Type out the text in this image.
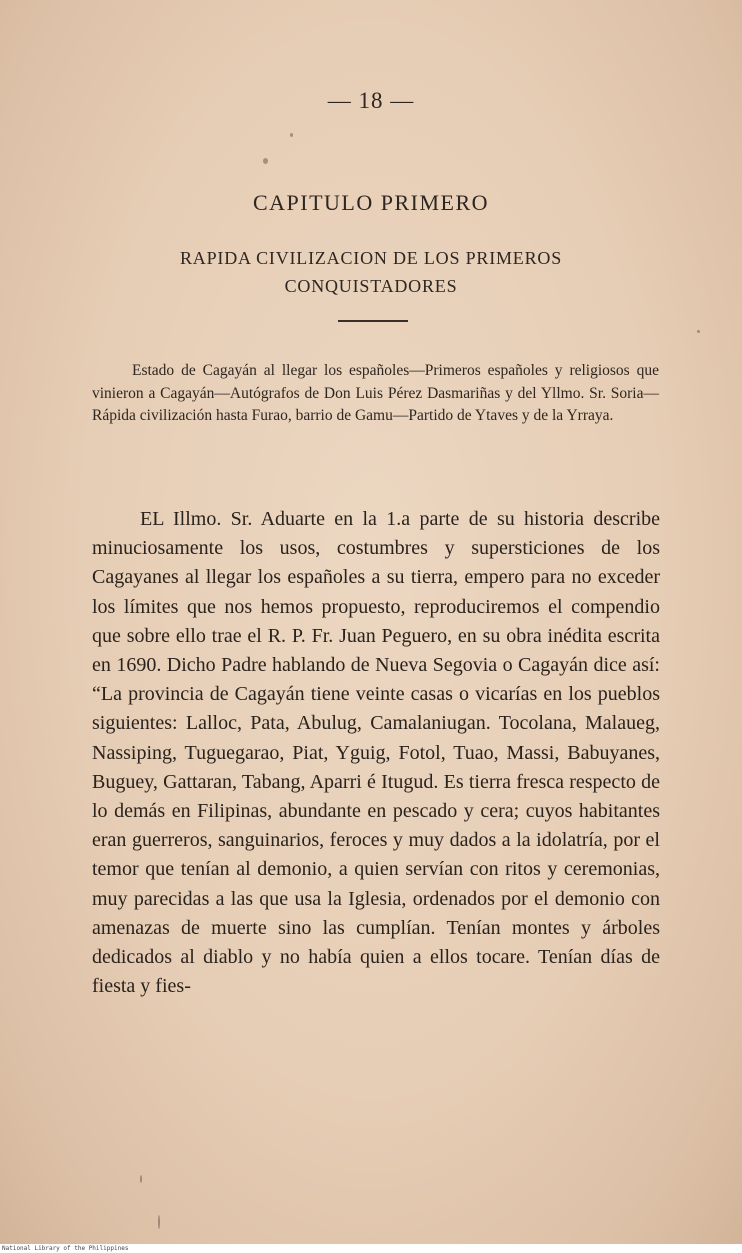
— 18 —
CAPITULO PRIMERO
RAPIDA CIVILIZACION DE LOS PRIMEROS CONQUISTADORES
Estado de Cagayán al llegar los españoles—Primeros españoles y religiosos que vinieron a Cagayán—Autógrafos de Don Luis Pérez Dasmariñas y del Yllmo. Sr. Soria—Rápida civilización hasta Furao, barrio de Gamu—Partido de Ytaves y de la Yrraya.
EL Illmo. Sr. Aduarte en la 1.a parte de su historia describe minuciosamente los usos, costumbres y supersticiones de los Cagayanes al llegar los españoles a su tierra, empero para no exceder los límites que nos hemos propuesto, reproduciremos el compendio que sobre ello trae el R. P. Fr. Juan Peguero, en su obra inédita escrita en 1690. Dicho Padre hablando de Nueva Segovia o Cagayán dice así: “La provincia de Cagayán tiene veinte casas o vicarías en los pueblos siguientes: Lalloc, Pata, Abulug, Camalaniugan. Tocolana, Malaueg, Nassiping, Tuguegarao, Piat, Yguig, Fotol, Tuao, Massi, Babuyanes, Buguey, Gattaran, Tabang, Aparri é Itugud. Es tierra fresca respecto de lo demás en Filipinas, abundante en pescado y cera; cuyos habitantes eran guerreros, sanguinarios, feroces y muy dados a la idolatría, por el temor que tenían al demonio, a quien servían con ritos y ceremonias, muy parecidas a las que usa la Iglesia, ordenados por el demonio con amenazas de muerte sino las cumplían. Tenían montes y árboles dedicados al diablo y no había quien a ellos tocare. Tenían días de fiesta y fies-
National Library of the Philippines
